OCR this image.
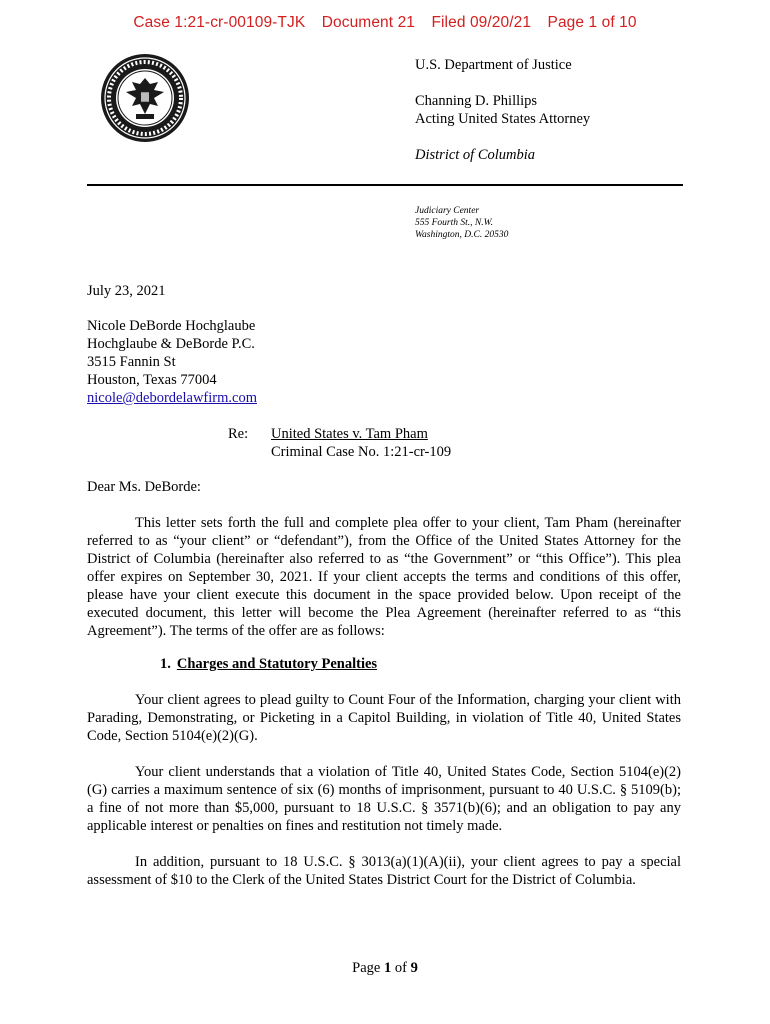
Case 1:21-cr-00109-TJK Document 21 Filed 09/20/21 Page 1 of 10
U.S. Department of Justice
Channing D. Phillips
Acting United States Attorney
District of Columbia
Judiciary Center
555 Fourth St., N.W.
Washington, D.C. 20530
July 23, 2021
Nicole DeBorde Hochglaube
Hochglaube & DeBorde P.C.
3515 Fannin St
Houston, Texas 77004
nicole@debordelawfirm.com
Re: United States v. Tam Pham
Criminal Case No. 1:21-cr-109
Dear Ms. DeBorde:
This letter sets forth the full and complete plea offer to your client, Tam Pham (hereinafter referred to as “your client” or “defendant”), from the Office of the United States Attorney for the District of Columbia (hereinafter also referred to as “the Government” or “this Office”). This plea offer expires on September 30, 2021. If your client accepts the terms and conditions of this offer, please have your client execute this document in the space provided below. Upon receipt of the executed document, this letter will become the Plea Agreement (hereinafter referred to as “this Agreement”). The terms of the offer are as follows:
1. Charges and Statutory Penalties
Your client agrees to plead guilty to Count Four of the Information, charging your client with Parading, Demonstrating, or Picketing in a Capitol Building, in violation of Title 40, United States Code, Section 5104(e)(2)(G).
Your client understands that a violation of Title 40, United States Code, Section 5104(e)(2)(G) carries a maximum sentence of six (6) months of imprisonment, pursuant to 40 U.S.C. § 5109(b); a fine of not more than $5,000, pursuant to 18 U.S.C. § 3571(b)(6); and an obligation to pay any applicable interest or penalties on fines and restitution not timely made.
In addition, pursuant to 18 U.S.C. § 3013(a)(1)(A)(ii), your client agrees to pay a special assessment of $10 to the Clerk of the United States District Court for the District of Columbia.
Page 1 of 9
